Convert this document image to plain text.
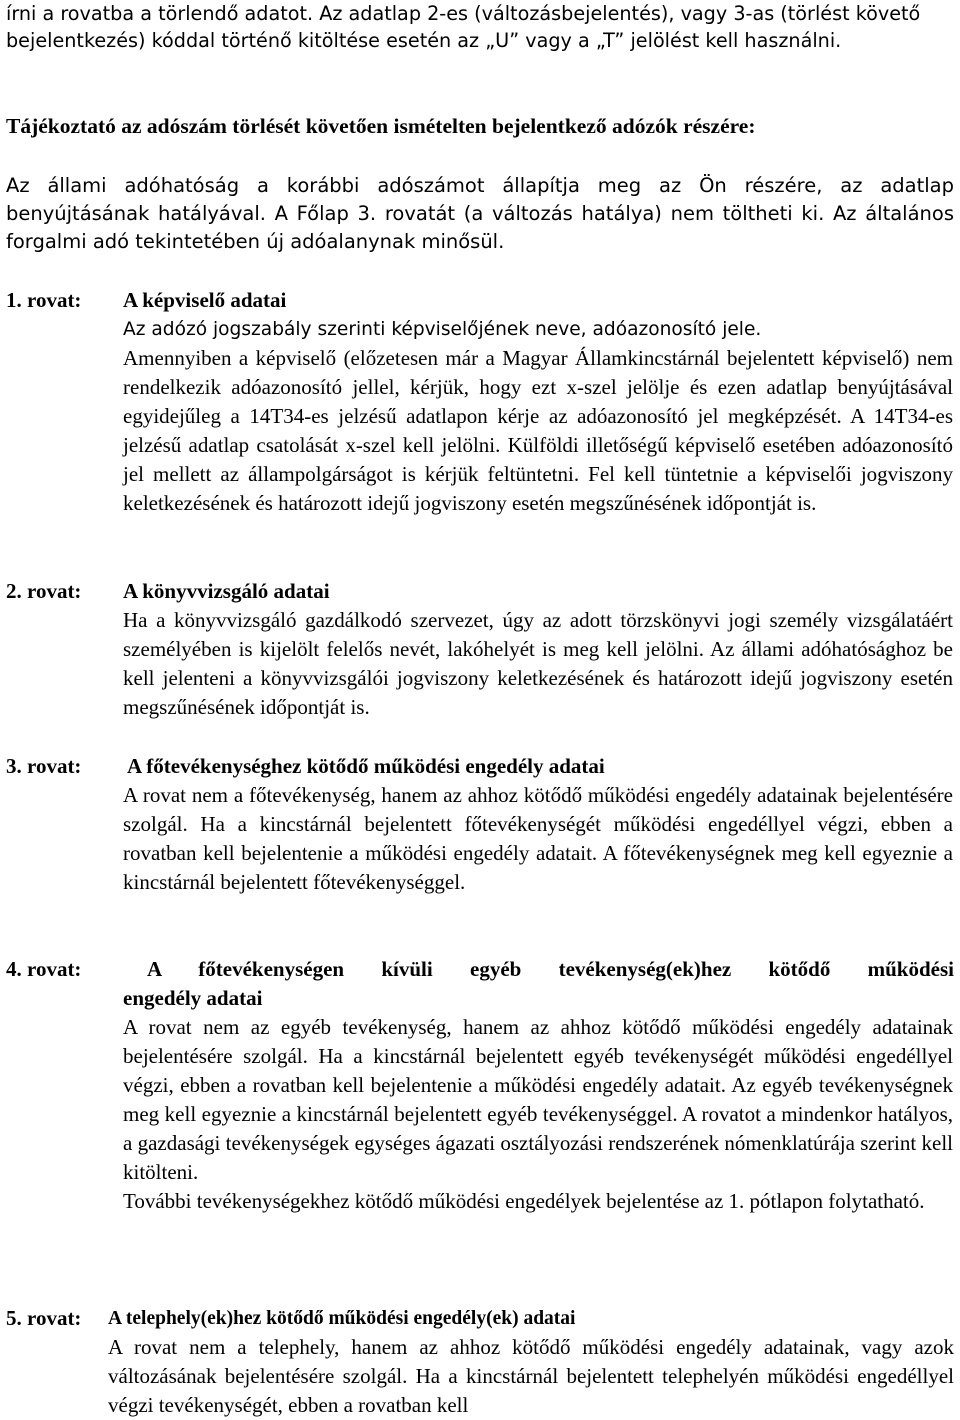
írni a rovatba a törlendő adatot. Az adatlap 2-es (változásbejelentés), vagy 3-as (törlést követő
bejelentkezés) kóddal történő kitöltése esetén az „U” vagy a „T” jelölést kell használni.
Tájékoztató az adószám törlését követően ismételten bejelentkező adózók részére:
Az állami adóhatóság a korábbi adószámot állapítja meg az Ön részére, az adatlap benyújtásának hatályával. A Főlap 3. rovatát (a változás hatálya) nem töltheti ki. Az általános forgalmi adó tekintetében új adóalanynak minősül.
1. rovat: A képviselő adatai
Az adózó jogszabály szerinti képviselőjének neve, adóazonosító jele.
Amennyiben a képviselő (előzetesen már a Magyar Államkincstárnál bejelentett képviselő) nem rendelkezik adóazonosító jellel, kérjük, hogy ezt x-szel jelölje és ezen adatlap benyújtásával egyidejűleg a 14T34-es jelzésű adatlapon kérje az adóazonosító jel megképzését. A 14T34-es jelzésű adatlap csatolását x-szel kell jelölni. Külföldi illetőségű képviselő esetében adóazonosító jel mellett az állampolgárságot is kérjük feltüntetni. Fel kell tüntetnie a képviselői jogviszony keletkezésének és határozott idejű jogviszony esetén megszűnésének időpontját is.
2. rovat: A könyvvizsgáló adatai
Ha a könyvvizsgáló gazdálkodó szervezet, úgy az adott törzskönyvi jogi személy vizsgálatáért személyében is kijelölt felelős nevét, lakóhelyét is meg kell jelölni. Az állami adóhatósághoz be kell jelenteni a könyvvizsgálói jogviszony keletkezésének és határozott idejű jogviszony esetén megszűnésének időpontját is.
3. rovat: A főtevékenységhez kötődő működési engedély adatai
A rovat nem a főtevékenység, hanem az ahhoz kötődő működési engedély adatainak bejelentésére szolgál. Ha a kincstárnál bejelentett főtevékenységét működési engedéllyel végzi, ebben a rovatban kell bejelentenie a működési engedély adatait. A főtevékenységnek meg kell egyeznie a kincstárnál bejelentett főtevékenységgel.
4. rovat:	A főtevékenységen kívüli egyéb tevékenység(ek)hez kötődő működési
engedély adatai
A rovat nem az egyéb tevékenység, hanem az ahhoz kötődő működési engedély adatainak bejelentésére szolgál. Ha a kincstárnál bejelentett egyéb tevékenységét működési engedéllyel végzi, ebben a rovatban kell bejelentenie a működési engedély adatait. Az egyéb tevékenységnek meg kell egyeznie a kincstárnál bejelentett egyéb tevékenységgel. A rovatot a mindenkor hatályos, a gazdasági tevékenységek egységes ágazati osztályozási rendszerének nómenklatúrája szerint kell kitölteni.
További tevékenységekhez kötődő működési engedélyek bejelentése az 1. pótlapon folytatható.
5. rovat: A telephely(ek)hez kötődő működési engedély(ek) adatai
A rovat nem a telephely, hanem az ahhoz kötődő működési engedély adatainak, vagy azok változásának bejelentésére szolgál. Ha a kincstárnál bejelentett telephelyén működési engedéllyel végzi tevékenységét, ebben a rovatban kell
